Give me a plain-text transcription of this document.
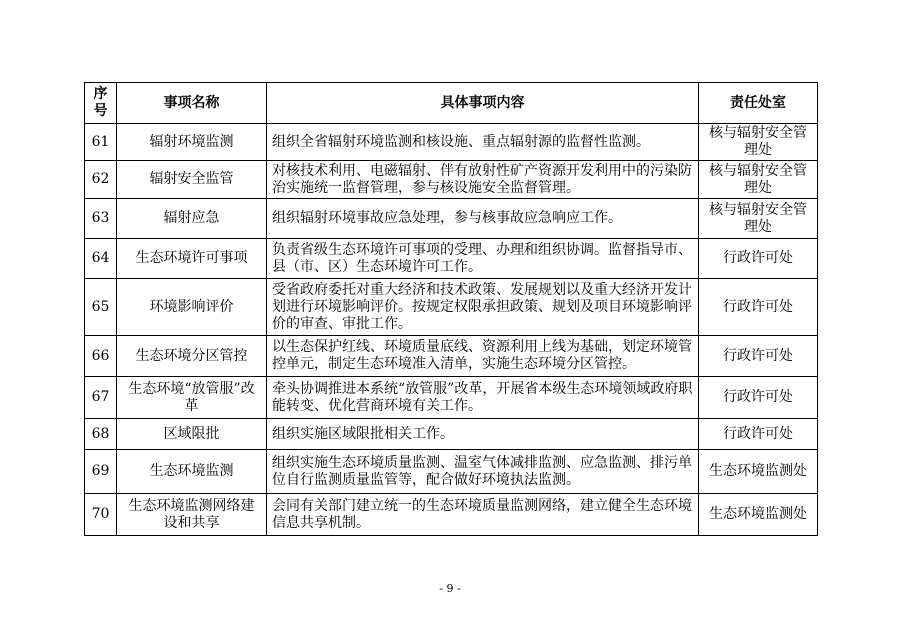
序号	事项名称	具体事项内容	责任处室
61	辐射环境监测	组织全省辐射环境监测和核设施、重点辐射源的监督性监测。	核与辐射安全管理处
62	辐射安全监管	对核技术利用、电磁辐射、伴有放射性矿产资源开发利用中的污染防治实施统一监督管理，参与核设施安全监督管理。	核与辐射安全管理处
63	辐射应急	组织辐射环境事故应急处理，参与核事故应急响应工作。	核与辐射安全管理处
64	生态环境许可事项	负责省级生态环境许可事项的受理、办理和组织协调。监督指导市、县（市、区）生态环境许可工作。	行政许可处
65	环境影响评价	受省政府委托对重大经济和技术政策、发展规划以及重大经济开发计划进行环境影响评价。按规定权限承担政策、规划及项目环境影响评价的审查、审批工作。	行政许可处
66	生态环境分区管控	以生态保护红线、环境质量底线、资源利用上线为基础，划定环境管控单元，制定生态环境准入清单，实施生态环境分区管控。	行政许可处
67	生态环境“放管服”改革	牵头协调推进本系统“放管服”改革，开展省本级生态环境领域政府职能转变、优化营商环境有关工作。	行政许可处
68	区域限批	组织实施区域限批相关工作。	行政许可处
69	生态环境监测	组织实施生态环境质量监测、温室气体减排监测、应急监测、排污单位自行监测质量监管等，配合做好环境执法监测。	生态环境监测处
70	生态环境监测网络建设和共享	会同有关部门建立统一的生态环境质量监测网络，建立健全生态环境信息共享机制。	生态环境监测处
- 9 -
